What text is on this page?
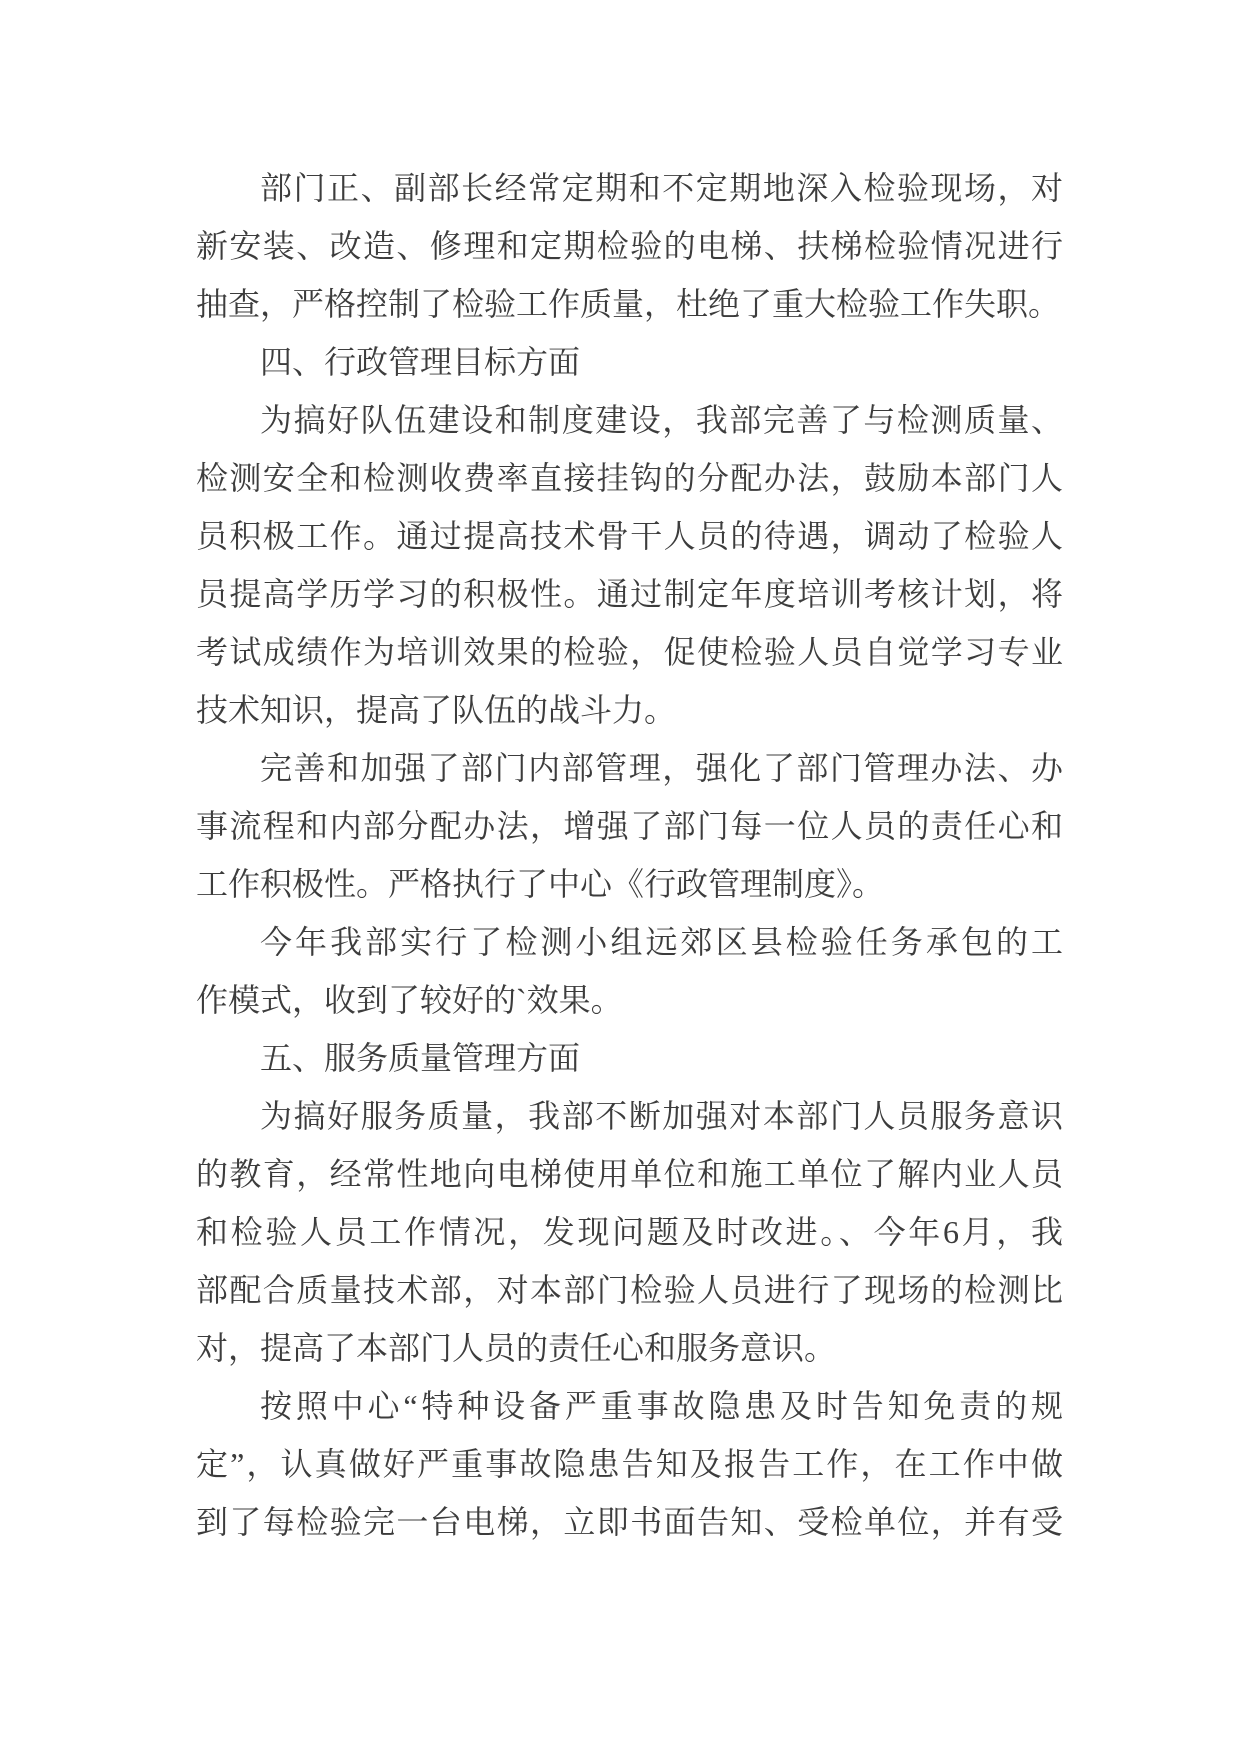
部门正、副部长经常定期和不定期地深入检验现场，对
新安装、改造、修理和定期检验的电梯、扶梯检验情况进行
抽查，严格控制了检验工作质量，杜绝了重大检验工作失职。
四、行政管理目标方面
为搞好队伍建设和制度建设，我部完善了与检测质量、
检测安全和检测收费率直接挂钩的分配办法，鼓励本部门人
员积极工作。通过提高技术骨干人员的待遇，调动了检验人
员提高学历学习的积极性。通过制定年度培训考核计划，将
考试成绩作为培训效果的检验，促使检验人员自觉学习专业
技术知识，提高了队伍的战斗力。
完善和加强了部门内部管理，强化了部门管理办法、办
事流程和内部分配办法，增强了部门每一位人员的责任心和
工作积极性。严格执行了中心《行政管理制度》。
今年我部实行了检测小组远郊区县检验任务承包的工
作模式，收到了较好的`效果。
五、服务质量管理方面
为搞好服务质量，我部不断加强对本部门人员服务意识
的教育，经常性地向电梯使用单位和施工单位了解内业人员
和检验人员工作情况，发现问题及时改进。、今年6月，我
部配合质量技术部，对本部门检验人员进行了现场的检测比
对，提高了本部门人员的责任心和服务意识。
按照中心“特种设备严重事故隐患及时告知免责的规
定”，认真做好严重事故隐患告知及报告工作，在工作中做
到了每检验完一台电梯，立即书面告知、受检单位，并有受
